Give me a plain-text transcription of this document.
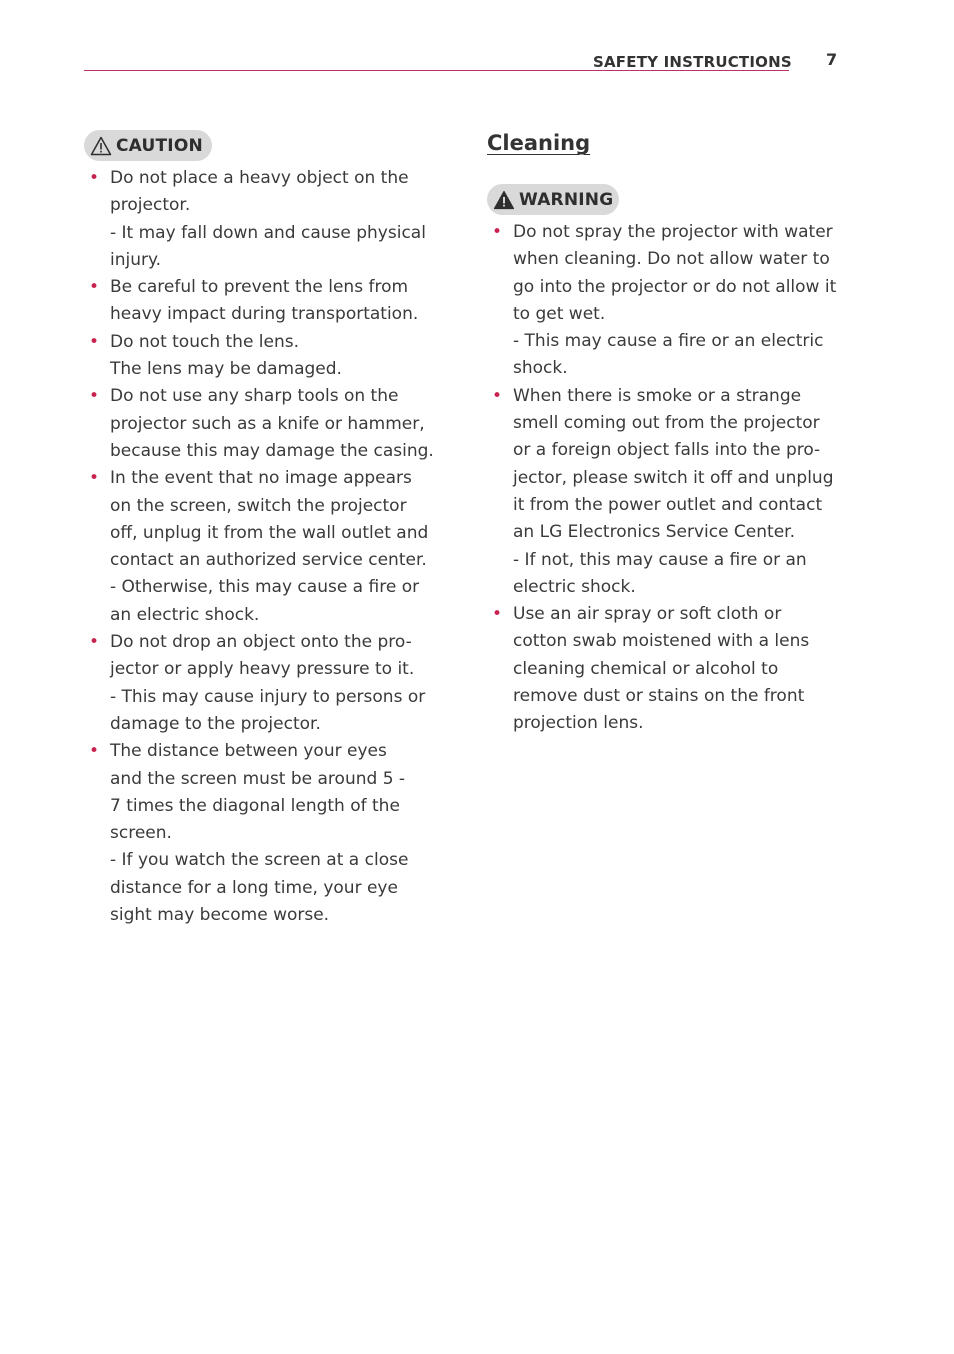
SAFETY INSTRUCTIONS 7
CAUTION
• Do not place a heavy object on the
projector.
- It may fall down and cause physical
injury.
• Be careful to prevent the lens from
heavy impact during transportation.
• Do not touch the lens.
The lens may be damaged.
• Do not use any sharp tools on the
projector such as a knife or hammer,
because this may damage the casing.
• In the event that no image appears
on the screen, switch the projector
off, unplug it from the wall outlet and
contact an authorized service center.
- Otherwise, this may cause a fire or
an electric shock.
• Do not drop an object onto the pro-
jector or apply heavy pressure to it.
- This may cause injury to persons or
damage to the projector.
• The distance between your eyes
and the screen must be around 5 -
7 times the diagonal length of the
screen.
- If you watch the screen at a close
distance for a long time, your eye
sight may become worse.
Cleaning
WARNING
• Do not spray the projector with water
when cleaning. Do not allow water to
go into the projector or do not allow it
to get wet.
- This may cause a fire or an electric
shock.
• When there is smoke or a strange
smell coming out from the projector
or a foreign object falls into the pro-
jector, please switch it off and unplug
it from the power outlet and contact
an LG Electronics Service Center.
- If not, this may cause a fire or an
electric shock.
• Use an air spray or soft cloth or
cotton swab moistened with a lens
cleaning chemical or alcohol to
remove dust or stains on the front
projection lens.
